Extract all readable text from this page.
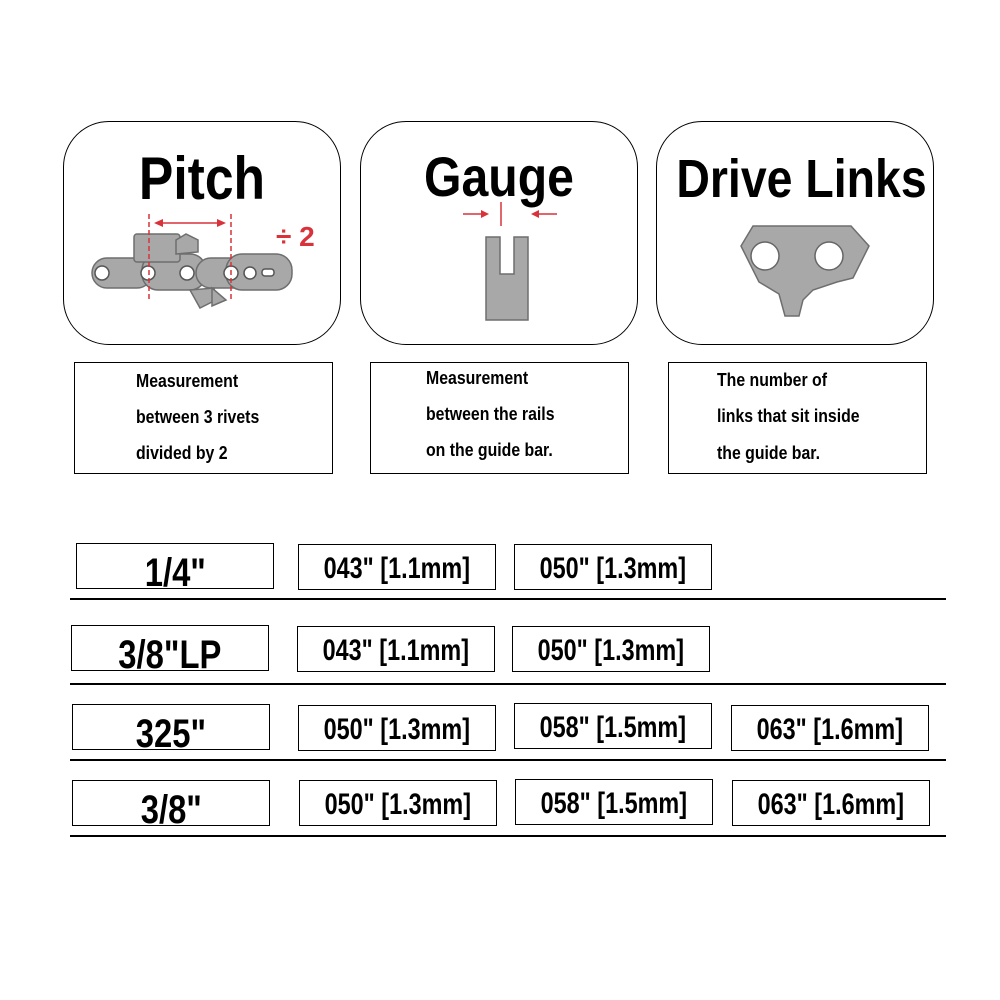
Pitch
÷ 2
Gauge	Drive Links
Measurement
between 3 rivets
divided by 2
Measurement
between the rails
on the guide bar.
The number of
links that sit inside
the guide bar.
1/4"	043" [1.1mm] 050" [1.3mm]
3/8"LP	043" [1.1mm] 050" [1.3mm]
325"	050" [1.3mm] 058" [1.5mm] 063" [1.6mm]
3/8"	050" [1.3mm] 058" [1.5mm] 063" [1.6mm]
